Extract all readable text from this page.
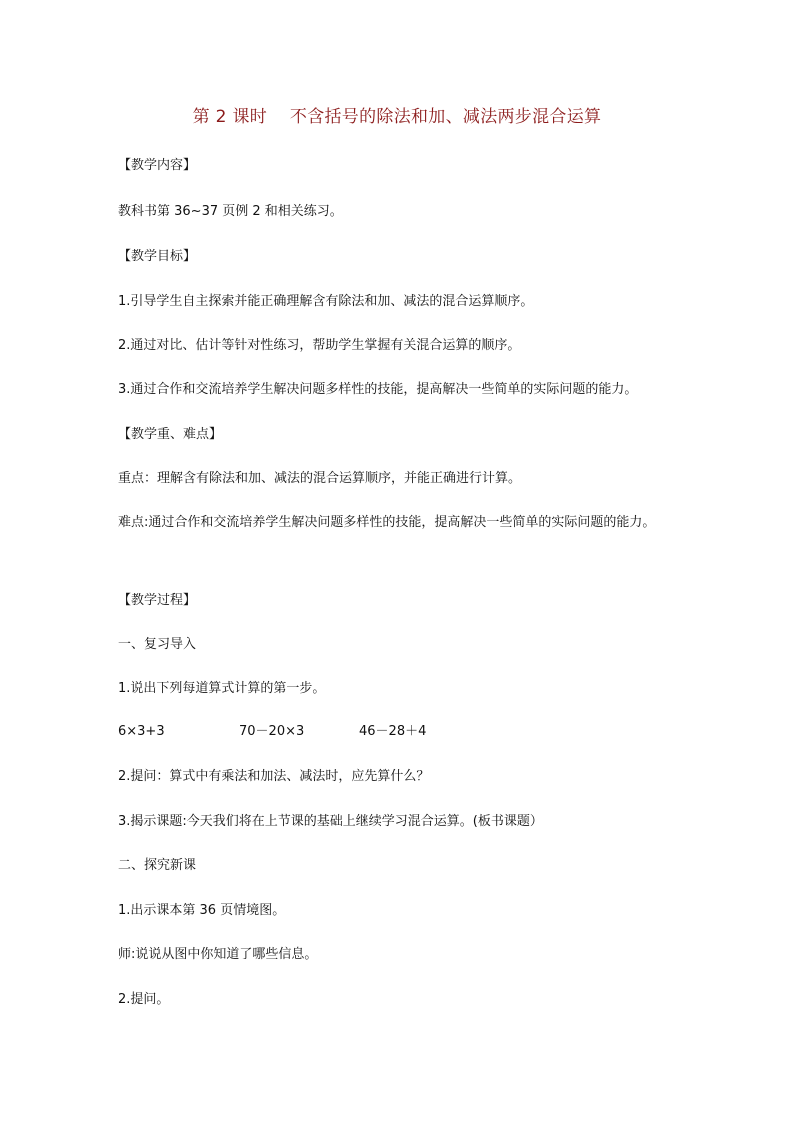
第 2 课时    不含括号的除法和加、减法两步混合运算
【教学内容】
教科书第 36~37 页例 2 和相关练习。
【教学目标】
1.引导学生自主探索并能正确理解含有除法和加、减法的混合运算顺序。
2.通过对比、估计等针对性练习，帮助学生掌握有关混合运算的顺序。
3.通过合作和交流培养学生解决问题多样性的技能，提高解决一些简单的实际问题的能力。
【教学重、难点】
重点：理解含有除法和加、减法的混合运算顺序，并能正确进行计算。
难点:通过合作和交流培养学生解决问题多样性的技能，提高解决一些简单的实际问题的能力。
【教学过程】
一、复习导入
1.说出下列每道算式计算的第一步。
6×3+3	70－20×3	46－28＋4
2.提问：算式中有乘法和加法、减法时，应先算什么？
3.揭示课题:今天我们将在上节课的基础上继续学习混合运算。(板书课题）
二、探究新课
1.出示课本第 36 页情境图。
师:说说从图中你知道了哪些信息。
2.提问。
